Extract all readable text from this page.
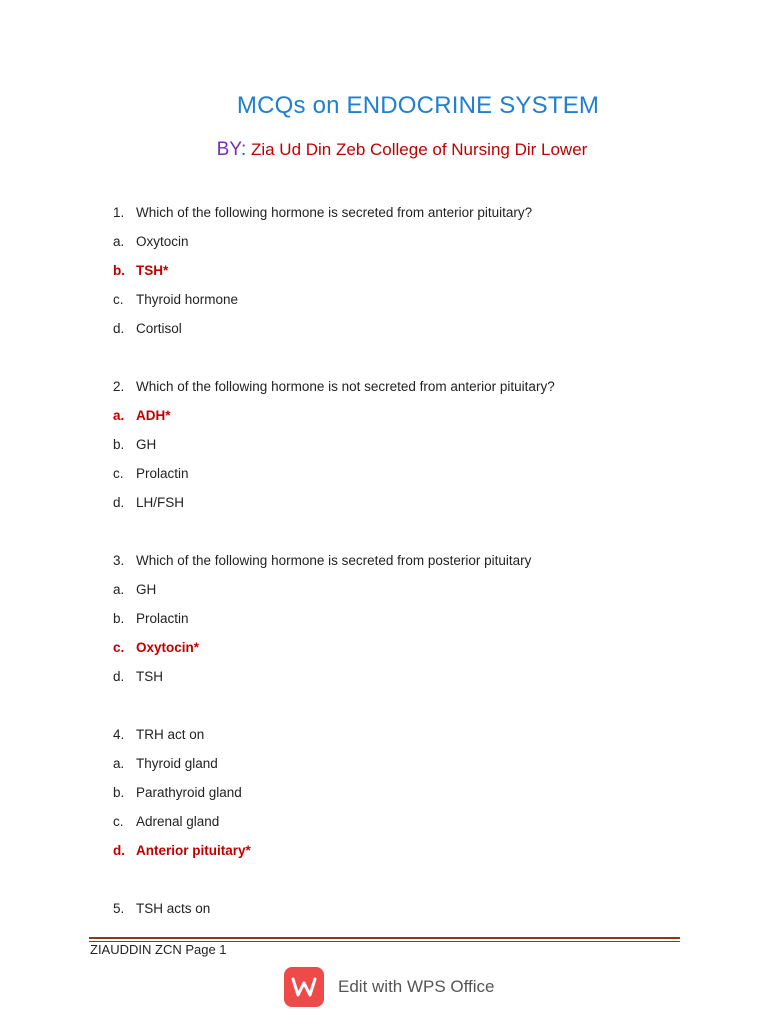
MCQs on ENDOCRINE SYSTEM
BY: Zia Ud Din Zeb College of Nursing Dir Lower
1. Which of the following hormone is secreted from anterior pituitary?
a. Oxytocin
b. TSH*
c. Thyroid hormone
d. Cortisol
2. Which of the following hormone is not secreted from anterior pituitary?
a. ADH*
b. GH
c. Prolactin
d. LH/FSH
3. Which of the following hormone is secreted from posterior pituitary
a. GH
b. Prolactin
c. Oxytocin*
d. TSH
4. TRH act on
a. Thyroid gland
b. Parathyroid gland
c. Adrenal gland
d. Anterior pituitary*
5. TSH acts on
ZIAUDDIN ZCN Page 1
Edit with WPS Office
